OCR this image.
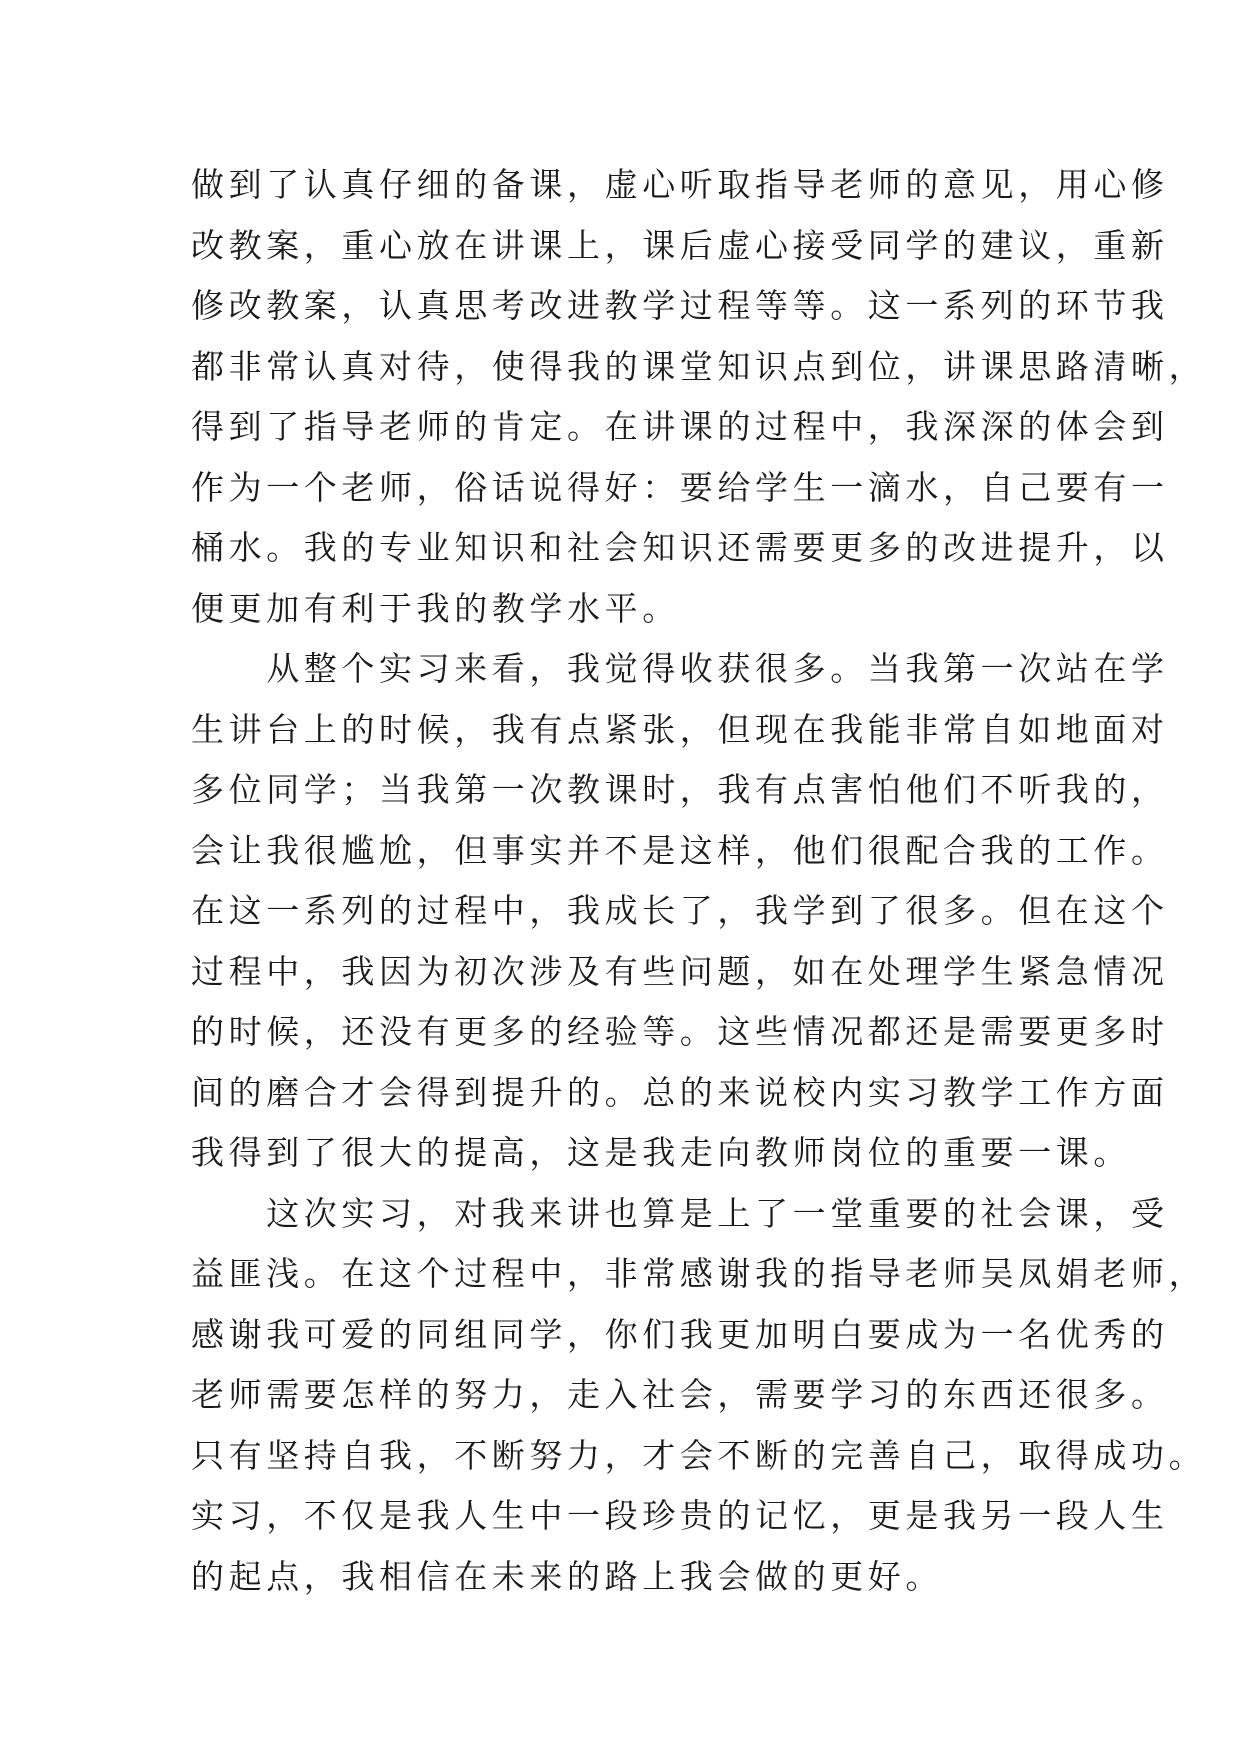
做到了认真仔细的备课，虚心听取指导老师的意见，用心修
改教案，重心放在讲课上，课后虚心接受同学的建议，重新
修改教案，认真思考改进教学过程等等。这一系列的环节我
都非常认真对待，使得我的课堂知识点到位，讲课思路清晰，
得到了指导老师的肯定。在讲课的过程中，我深深的体会到
作为一个老师，俗话说得好：要给学生一滴水，自己要有一
桶水。我的专业知识和社会知识还需要更多的改进提升，以
便更加有利于我的教学水平。
　　从整个实习来看，我觉得收获很多。当我第一次站在学
生讲台上的时候，我有点紧张，但现在我能非常自如地面对
多位同学；当我第一次教课时，我有点害怕他们不听我的，
会让我很尴尬，但事实并不是这样，他们很配合我的工作。
在这一系列的过程中，我成长了，我学到了很多。但在这个
过程中，我因为初次涉及有些问题，如在处理学生紧急情况
的时候，还没有更多的经验等。这些情况都还是需要更多时
间的磨合才会得到提升的。总的来说校内实习教学工作方面
我得到了很大的提高，这是我走向教师岗位的重要一课。
　　这次实习，对我来讲也算是上了一堂重要的社会课，受
益匪浅。在这个过程中，非常感谢我的指导老师吴凤娟老师，
感谢我可爱的同组同学，你们我更加明白要成为一名优秀的
老师需要怎样的努力，走入社会，需要学习的东西还很多。
只有坚持自我，不断努力，才会不断的完善自己，取得成功。
实习，不仅是我人生中一段珍贵的记忆，更是我另一段人生
的起点，我相信在未来的路上我会做的更好。
